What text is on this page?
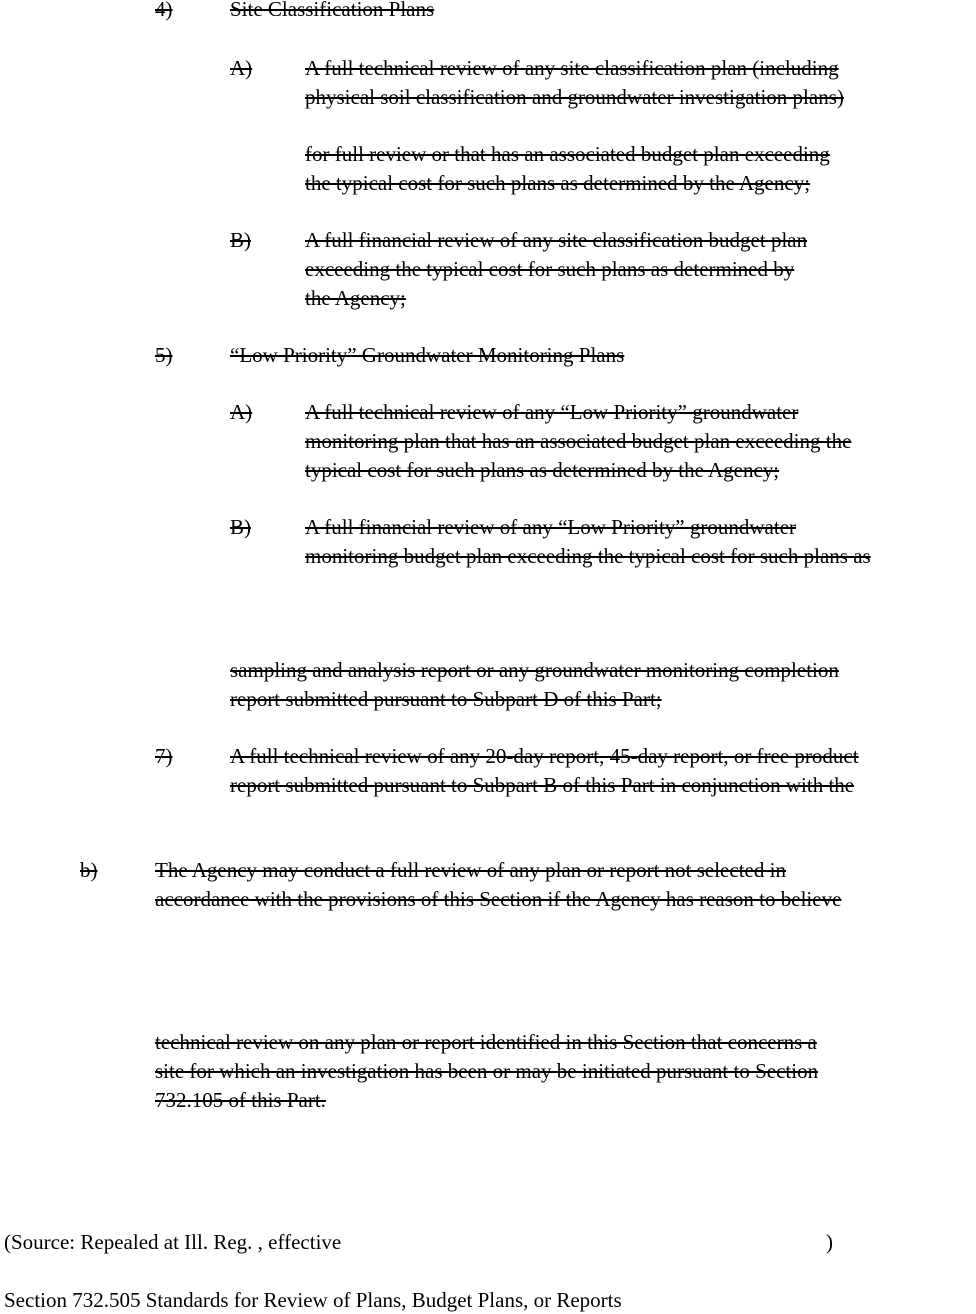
4)	Site Classification Plans
A)	A full technical review of any site classification plan (including
physical soil classification and groundwater investigation plans)
for full review or that has an associated budget plan exceeding
the typical cost for such plans as determined by the Agency;
B)	A full financial review of any site classification budget plan
exceeding the typical cost for such plans as determined by
the Agency;
5)	“Low Priority” Groundwater Monitoring Plans
A)	A full technical review of any “Low Priority” groundwater
monitoring plan that has an associated budget plan exceeding the
typical cost for such plans as determined by the Agency;
B)	A full financial review of any “Low Priority” groundwater
monitoring budget plan exceeding the typical cost for such plans as
sampling and analysis report or any groundwater monitoring completion
report submitted pursuant to Subpart D of this Part;
7)	A full technical review of any 20-day report, 45-day report, or free product
report submitted pursuant to Subpart B of this Part in conjunction with the
b)	The Agency may conduct a full review of any plan or report not selected in
accordance with the provisions of this Section if the Agency has reason to believe
technical review on any plan or report identified in this Section that concerns a
site for which an investigation has been or may be initiated pursuant to Section
732.105 of this Part.
(Source: Repealed at Ill. Reg. , effective	)
Section 732.505 Standards for Review of Plans, Budget Plans, or Reports
